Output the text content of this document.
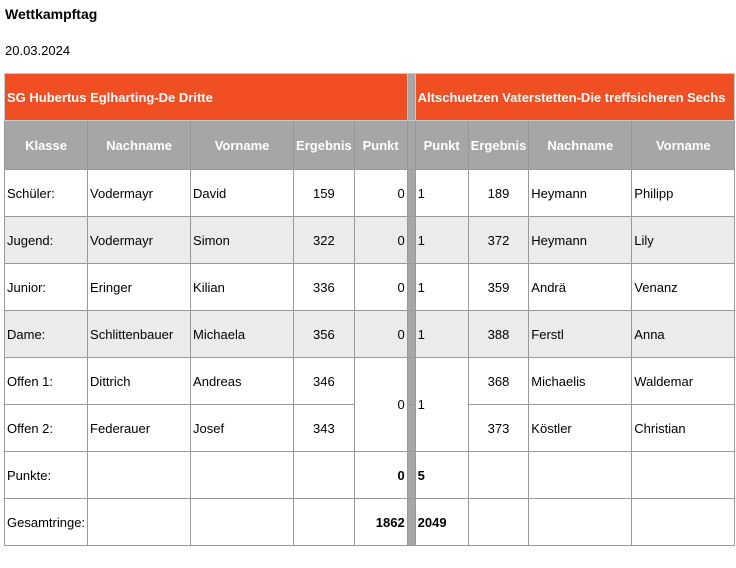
Wettkampftag
20.03.2024
SG Hubertus Eglharting-De Dritte						Altschuetzen Vaterstetten-Die treffsicheren Sechs			
Klasse	Nachname	Vorname	Ergebnis	Punkt		Punkt	Ergebnis	Nachname	Vorname
Schüler:	Vodermayr	David	159	0		1	189	Heymann	Philipp
Jugend:	Vodermayr	Simon	322	0		1	372	Heymann	Lily
Junior:	Eringer	Kilian	336	0		1	359	Andrä	Venanz
Dame:	Schlittenbauer	Michaela	356	0		1	388	Ferstl	Anna
Offen 1:	Dittrich	Andreas	346	0		1	368	Michaelis	Waldemar
Offen 2:	Federauer	Josef	343				373	Köstler	Christian
Punkte:				0		5			
Gesamtringe:				1862		2049			
